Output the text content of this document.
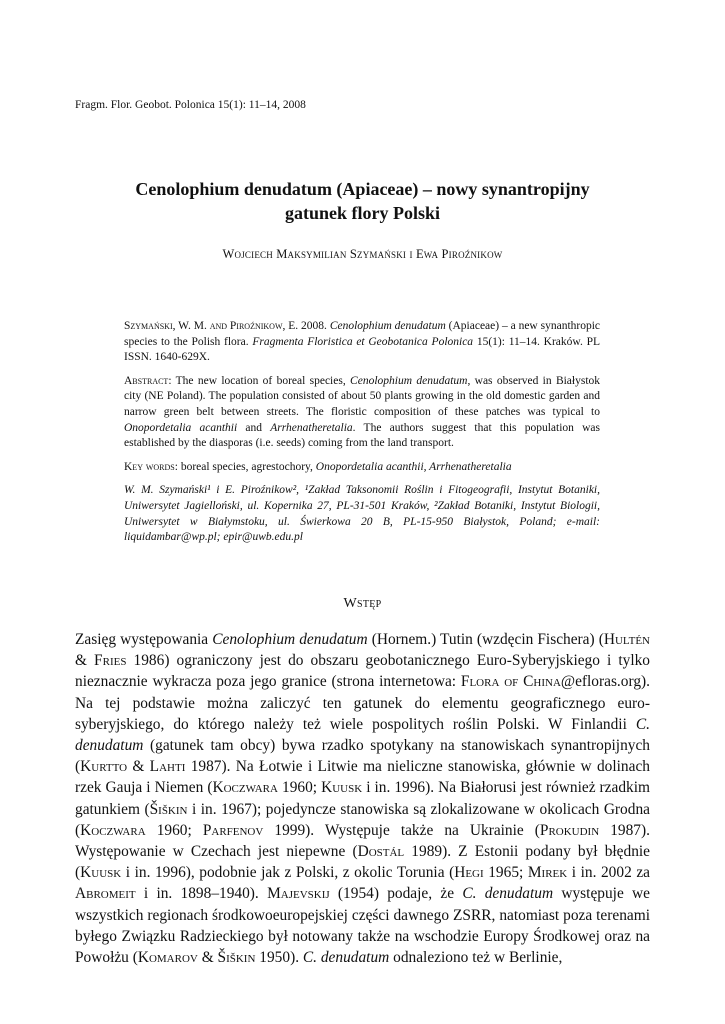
Fragm. Flor. Geobot. Polonica 15(1): 11–14, 2008
Cenolophium denudatum (Apiaceae) – nowy synantropijny
gatunek flory Polski
Wojciech Maksymilian Szymański i Ewa Piroźnikow

Szymański, W. M. and Piroźnikow, E. 2008. Cenolophium denudatum (Apiaceae) – a new synanthropic species to the Polish flora. Fragmenta Floristica et Geobotanica Polonica 15(1): 11–14. Kraków. PL ISSN. 1640-629X.

Abstract: The new location of boreal species, Cenolophium denudatum, was observed in Białystok city (NE Poland). The population consisted of about 50 plants growing in the old domestic garden and narrow green belt between streets. The floristic composition of these patches was typical to Onopordetalia acanthii and Arrhenatheretalia. The authors suggest that this population was established by the diasporas (i.e. seeds) coming from the land transport.

Key words: boreal species, agrestochory, Onopordetalia acanthii, Arrhenatheretalia

W. M. Szymański¹ i E. Piroźnikow², ¹Zakład Taksonomii Roślin i Fitogeografii, Instytut Botaniki, Uniwersytet Jagielloński, ul. Kopernika 27, PL-31-501 Kraków, ²Zakład Botaniki, Instytut Biologii, Uniwersytet w Białymstoku, ul. Świerkowa 20 B, PL-15-950 Białystok, Poland; e-mail: liquidambar@wp.pl; epir@uwb.edu.pl

Wstęp

Zasięg występowania Cenolophium denudatum (Hornem.) Tutin (wzdęcin Fischera) (Hultén & Fries 1986) ograniczony jest do obszaru geobotanicznego Euro-Syberyjskiego i tylko nieznacznie wykracza poza jego granice (strona internetowa: Flora of China@efloras.org). Na tej podstawie można zaliczyć ten gatunek do elementu geograficznego euro-syberyjskiego, do którego należy też wiele pospolitych roślin Polski. W Finlandii C. denudatum (gatunek tam obcy) bywa rzadko spotykany na stanowiskach synantropijnych (Kurtto & Lahti 1987). Na Łotwie i Litwie ma nieliczne stanowiska, głównie w dolinach rzek Gauja i Niemen (Koczwara 1960; Kuusk i in. 1996). Na Białorusi jest również rzadkim gatunkiem (Šiškin i in. 1967); pojedyncze stanowiska są zlokalizowane w okolicach Grodna (Koczwara 1960; Parfenov 1999). Występuje także na Ukrainie (Prokudin 1987). Występowanie w Czechach jest niepewne (Dostál 1989). Z Estonii podany był błędnie (Kuusk i in. 1996), podobnie jak z Polski, z okolic Torunia (Hegi 1965; Mirek i in. 2002 za Abromeit i in. 1898–1940). Majevskij (1954) podaje, że C. denudatum występuje we wszystkich regionach środkowoeuropejskiej części dawnego ZSRR, natomiast poza terenami byłego Związku Radzieckiego był notowany także na wschodzie Europy Środkowej oraz na Powołżu (Komarov & Šiškin 1950). C. denudatum odnaleziono też w Berlinie,
